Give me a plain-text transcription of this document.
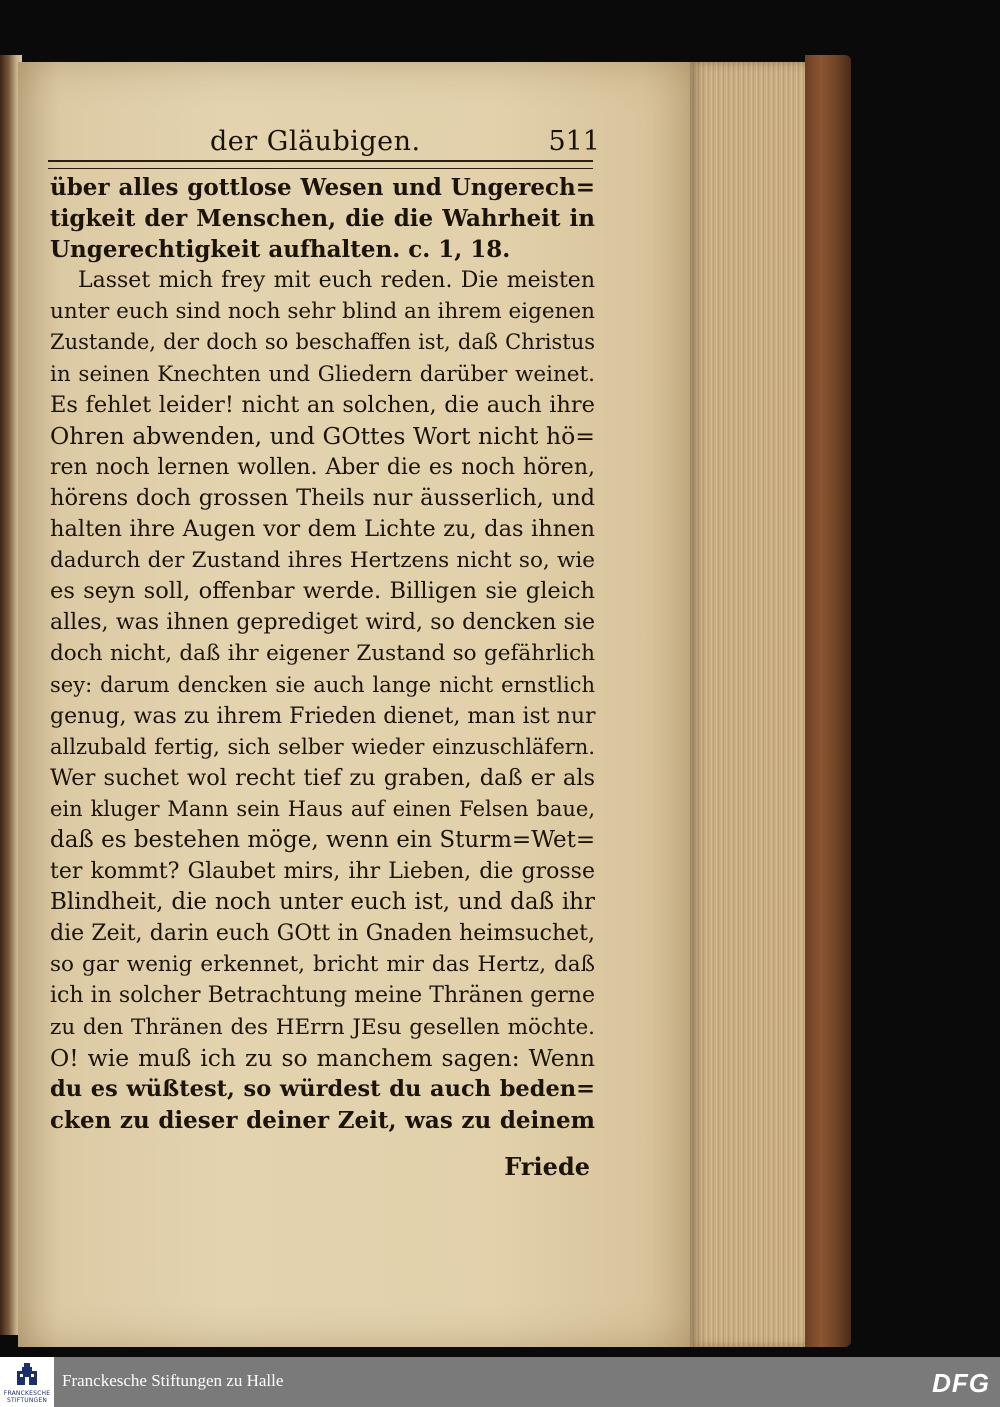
der Gläubigen.	511
über alles gottlose Wesen und Ungerech=
tigkeit der Menschen, die die Wahrheit in
Ungerechtigkeit aufhalten. c. 1, 18.
Lasset mich frey mit euch reden. Die meisten
unter euch sind noch sehr blind an ihrem eigenen
Zustande, der doch so beschaffen ist, daß Christus
in seinen Knechten und Gliedern darüber weinet.
Es fehlet leider! nicht an solchen, die auch ihre
Ohren abwenden, und GOttes Wort nicht hö=
ren noch lernen wollen. Aber die es noch hören,
hörens doch grossen Theils nur äusserlich, und
halten ihre Augen vor dem Lichte zu, das ihnen
dadurch der Zustand ihres Hertzens nicht so, wie
es seyn soll, offenbar werde. Billigen sie gleich
alles, was ihnen geprediget wird, so dencken sie
doch nicht, daß ihr eigener Zustand so gefährlich
sey: darum dencken sie auch lange nicht ernstlich
genug, was zu ihrem Frieden dienet, man ist nur
allzubald fertig, sich selber wieder einzuschläfern.
Wer suchet wol recht tief zu graben, daß er als
ein kluger Mann sein Haus auf einen Felsen baue,
daß es bestehen möge, wenn ein Sturm=Wet=
ter kommt? Glaubet mirs, ihr Lieben, die grosse
Blindheit, die noch unter euch ist, und daß ihr
die Zeit, darin euch GOtt in Gnaden heimsuchet,
so gar wenig erkennet, bricht mir das Hertz, daß
ich in solcher Betrachtung meine Thränen gerne
zu den Thränen des HErrn JEsu gesellen möchte.
O! wie muß ich zu so manchem sagen: Wenn
du es wüßtest, so würdest du auch beden=
cken zu dieser deiner Zeit, was zu deinem
Friede
FRANCKESCHE
STIFTUNGEN
Franckesche Stiftungen zu Halle	DFG
